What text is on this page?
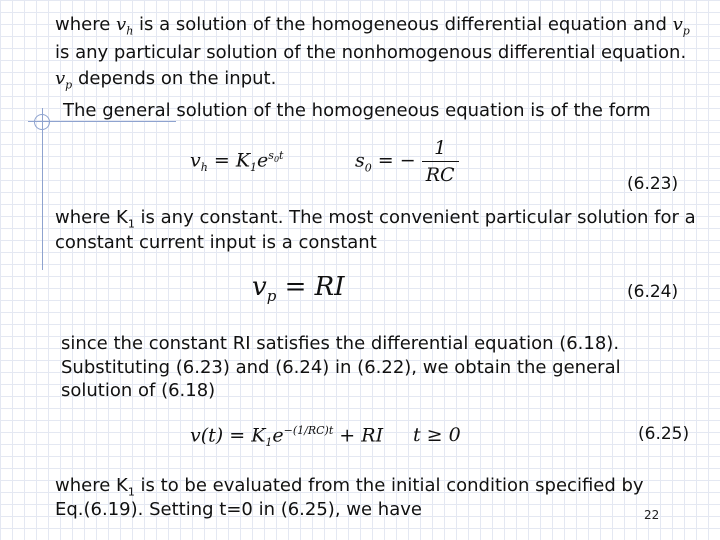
where $v_h$ is a solution of the homogeneous differential equation and $v_p$

is any particular solution of the nonhomogenous differential equation.

$v_p$ depends on the input.

The general solution of the homogeneous equation is of the form

$v_h = K_1e^{s_0t}$	$s_0$ = − $\frac{1}{RC}$	(6.23)

where $K_1$ is any constant. The most convenient particular solution for a

constant current input is a constant

$v_p$ = RI	(6.24)

since the constant RI satisfies the differential equation (6.18).

Substituting (6.23) and (6.24) in (6.22), we obtain the general

solution of (6.18)

$v(t) = K_1e^{-(1/RC)t}$ + RI t ≥ 0	(6.25)

where $K_1$ is to be evaluated from the initial condition specified by

Eq.(6.19). Setting t=0 in (6.25), we have	22
